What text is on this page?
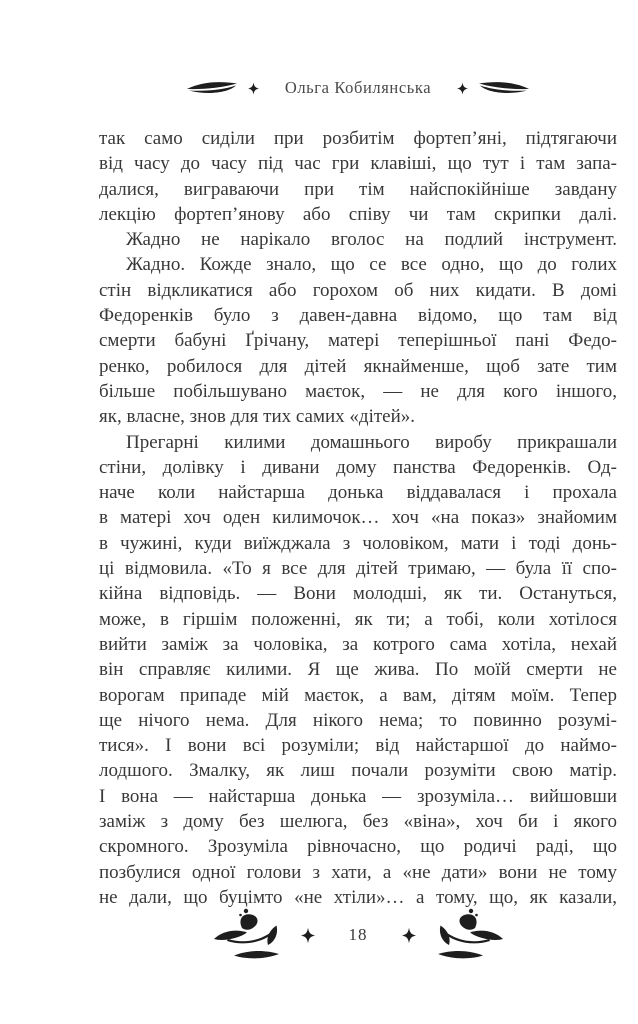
Ольга Кобилянська
так само сиділи при розбитім фортеп’яні, підтягаючи
від часу до часу під час гри клавіші, що тут і там запа-
далися, виграваючи при тім найспокійніше завдану
лекцію фортеп’янову або співу чи там скрипки далі.
Жадно не нарікало вголос на подлий інструмент.
Жадно. Кожде знало, що се все одно, що до голих
стін відкликатися або горохом об них кидати. В домі
Федоренків було з давен-давна відомо, що там від
смерти бабуні Ґрічану, матері теперішньої пані Федо-
ренко, робилося для дітей якнайменше, щоб зате тим
більше побільшувано маєток, — не для кого іншого,
як, власне, знов для тих самих «дітей».
Прегарні килими домашнього виробу прикрашали
стіни, долівку і дивани дому панства Федоренків. Од-
наче коли найстарша донька віддавалася і прохала
в матері хоч оден килимочок… хоч «на показ» знайомим
в чужині, куди виїжджала з чоловіком, мати і тоді донь-
ці відмовила. «То я все для дітей тримаю, — була її спо-
кійна відповідь. — Вони молодші, як ти. Остануться,
може, в гіршім положенні, як ти; а тобі, коли хотілося
вийти заміж за чоловіка, за котрого сама хотіла, нехай
він справляє килими. Я ще жива. По моїй смерти не
ворогам припаде мій маєток, а вам, дітям моїм. Тепер
ще нічого нема. Для нікого нема; то повинно розумі-
тися». І вони всі розуміли; від найстаршої до наймо-
лодшого. Змалку, як лиш почали розуміти свою матір.
І вона — найстарша донька — зрозуміла… вийшовши
заміж з дому без шелюга, без «віна», хоч би і якого
скромного. Зрозуміла рівночасно, що родичі раді, що
позбулися одної голови з хати, а «не дати» вони не тому
не дали, що буцімто «не хтіли»… а тому, що, як казали,
18
